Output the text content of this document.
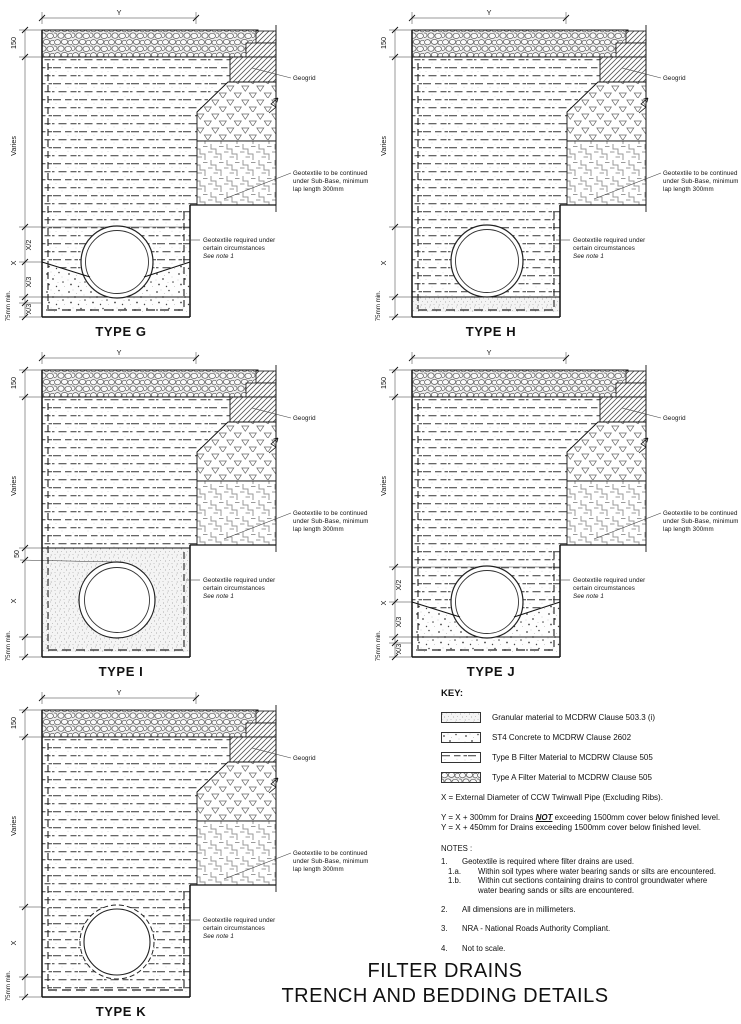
Y
150
Varies
X/2
X
X/3
75mm min. X/3
Geogrid
Geotextile to be continued
under Sub-Base, minimum
lap length 300mm
Geotextile required under
certain circumstances
See note 1
TYPE G
Y
150
Varies
X
75mm min.
Geogrid
Geotextile to be continued
under Sub-Base, minimum
lap length 300mm
Geotextile required under
certain circumstances
See note 1
TYPE H
Y
150
Varies
50
X
75mm min.
Geogrid
Geotextile to be continued
under Sub-Base, minimum
lap length 300mm
Geotextile required under
certain circumstances
See note 1
TYPE I
Y
150
Varies
X/2
X
X/3
75mm min. X/3
Geogrid
Geotextile to be continued
under Sub-Base, minimum
lap length 300mm
Geotextile required under
certain circumstances
See note 1
TYPE J
Y
150
Varies
X
75mm min.
Geogrid
Geotextile to be continued
under Sub-Base, minimum
lap length 300mm
Geotextile required under
certain circumstances
See note 1
TYPE K

KEY:

Granular material to MCDRW Clause 503.3 (i)
ST4 Concrete to MCDRW Clause 2602
Type B Filter Material to MCDRW Clause 505
Type A Filter Material to MCDRW Clause 505
X = External Diameter of CCW Twinwall Pipe (Excluding Ribs).
Y = X + 300mm for Drains NOT exceeding 1500mm cover below finished level.
Y = X + 450mm for Drains exceeding 1500mm cover below finished level.

NOTES :

1.	Geotextile is required where filter drains are used.
1.a.	Within soil types where water bearing sands or silts are encountered.
1.b.	Within cut sections containing drains to control groundwater where
water bearing sands or silts are encountered.
2.	All dimensions are in millimeters.
3.	NRA - National Roads Authority Compliant.
4.	Not to scale.
FILTER DRAINS
TRENCH AND BEDDING DETAILS
